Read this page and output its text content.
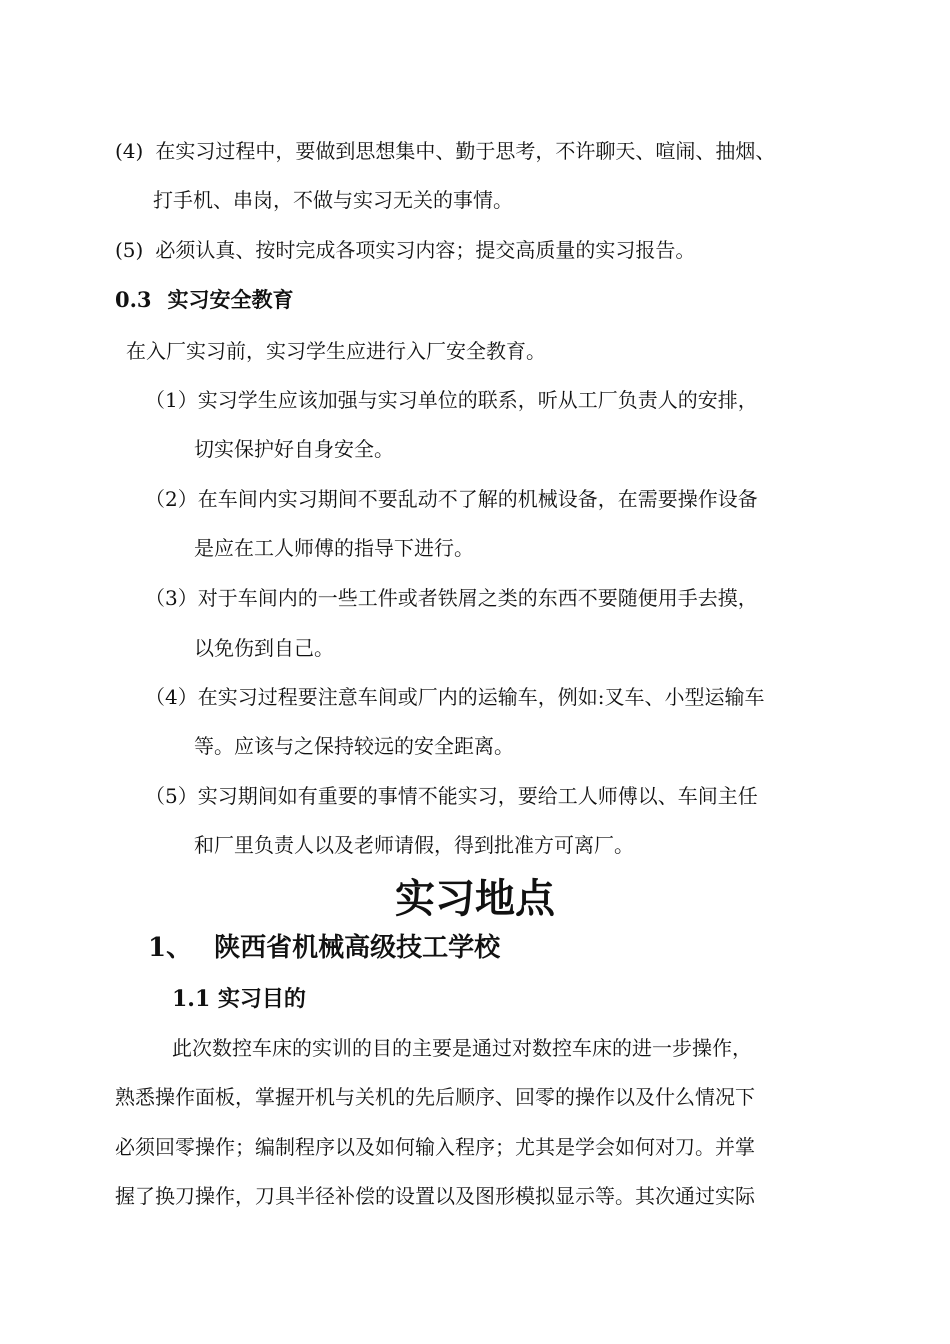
(4) 在实习过程中，要做到思想集中、勤于思考，不许聊天、喧闹、抽烟、
打手机、串岗，不做与实习无关的事情。
(5) 必须认真、按时完成各项实习内容；提交高质量的实习报告。
0.3 实习安全教育
在入厂实习前，实习学生应进行入厂安全教育。
（1）实习学生应该加强与实习单位的联系，听从工厂负责人的安排，
切实保护好自身安全。
（2）在车间内实习期间不要乱动不了解的机械设备，在需要操作设备
是应在工人师傅的指导下进行。
（3）对于车间内的一些工件或者铁屑之类的东西不要随便用手去摸，
以免伤到自己。
（4）在实习过程要注意车间或厂内的运输车，例如:叉车、小型运输车
等。应该与之保持较远的安全距离。
（5）实习期间如有重要的事情不能实习，要给工人师傅以、车间主任
和厂里负责人以及老师请假，得到批准方可离厂。
实习地点
1、 陕西省机械高级技工学校
1.1 实习目的
此次数控车床的实训的目的主要是通过对数控车床的进一步操作，
熟悉操作面板，掌握开机与关机的先后顺序、回零的操作以及什么情况下
必须回零操作；编制程序以及如何输入程序；尤其是学会如何对刀。并掌
握了换刀操作，刀具半径补偿的设置以及图形模拟显示等。其次通过实际
